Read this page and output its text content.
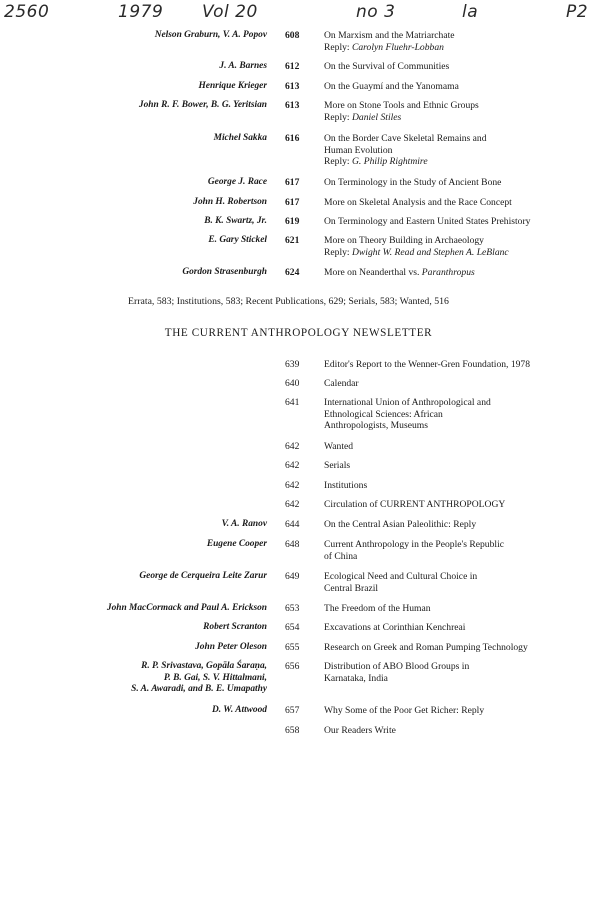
2560	1979 Vol 20	no 3	la	P2
Nelson Graburn, V. A. Popov 608	On Marxism and the Matriarchate
Reply: Carolyn Fluehr-Lobban
J. A. Barnes 612	On the Survival of Communities
Henrique Krieger 613	On the Guaymí and the Yanomama
John R. F. Bower, B. G. Yeritsian 613	More on Stone Tools and Ethnic Groups
Reply: Daniel Stiles
Michel Sakka 616	On the Border Cave Skeletal Remains and
Human Evolution
Reply: G. Philip Rightmire
George J. Race 617	On Terminology in the Study of Ancient Bone
John H. Robertson 617	More on Skeletal Analysis and the Race Concept
B. K. Swartz, Jr. 619	On Terminology and Eastern United States Prehistory
E. Gary Stickel 621	More on Theory Building in Archaeology
Reply: Dwight W. Read and Stephen A. LeBlanc
Gordon Strasenburgh 624	More on Neanderthal vs. Paranthropus
Errata, 583; Institutions, 583; Recent Publications, 629; Serials, 583; Wanted, 516
THE CURRENT ANTHROPOLOGY NEWSLETTER
639	Editor's Report to the Wenner-Gren Foundation, 1978
640	Calendar
641	International Union of Anthropological and
Ethnological Sciences: African
Anthropologists, Museums
642	Wanted
642	Serials
642	Institutions
642	Circulation of CURRENT ANTHROPOLOGY
V. A. Ranov 644	On the Central Asian Paleolithic: Reply
Eugene Cooper 648	Current Anthropology in the People's Republic
of China
George de Cerqueira Leite Zarur 649	Ecological Need and Cultural Choice in
Central Brazil
John MacCormack and Paul A. Erickson 653	The Freedom of the Human
Robert Scranton 654	Excavations at Corinthian Kenchreai
John Peter Oleson 655	Research on Greek and Roman Pumping Technology
R. P. Srivastava, Gopāla Śaraṇa,
P. B. Gai, S. V. Hittalmani,
S. A. Awaradi, and B. E. Umapathy
656	Distribution of ABO Blood Groups in
Karnataka, India
D. W. Attwood 657	Why Some of the Poor Get Richer: Reply
658	Our Readers Write
